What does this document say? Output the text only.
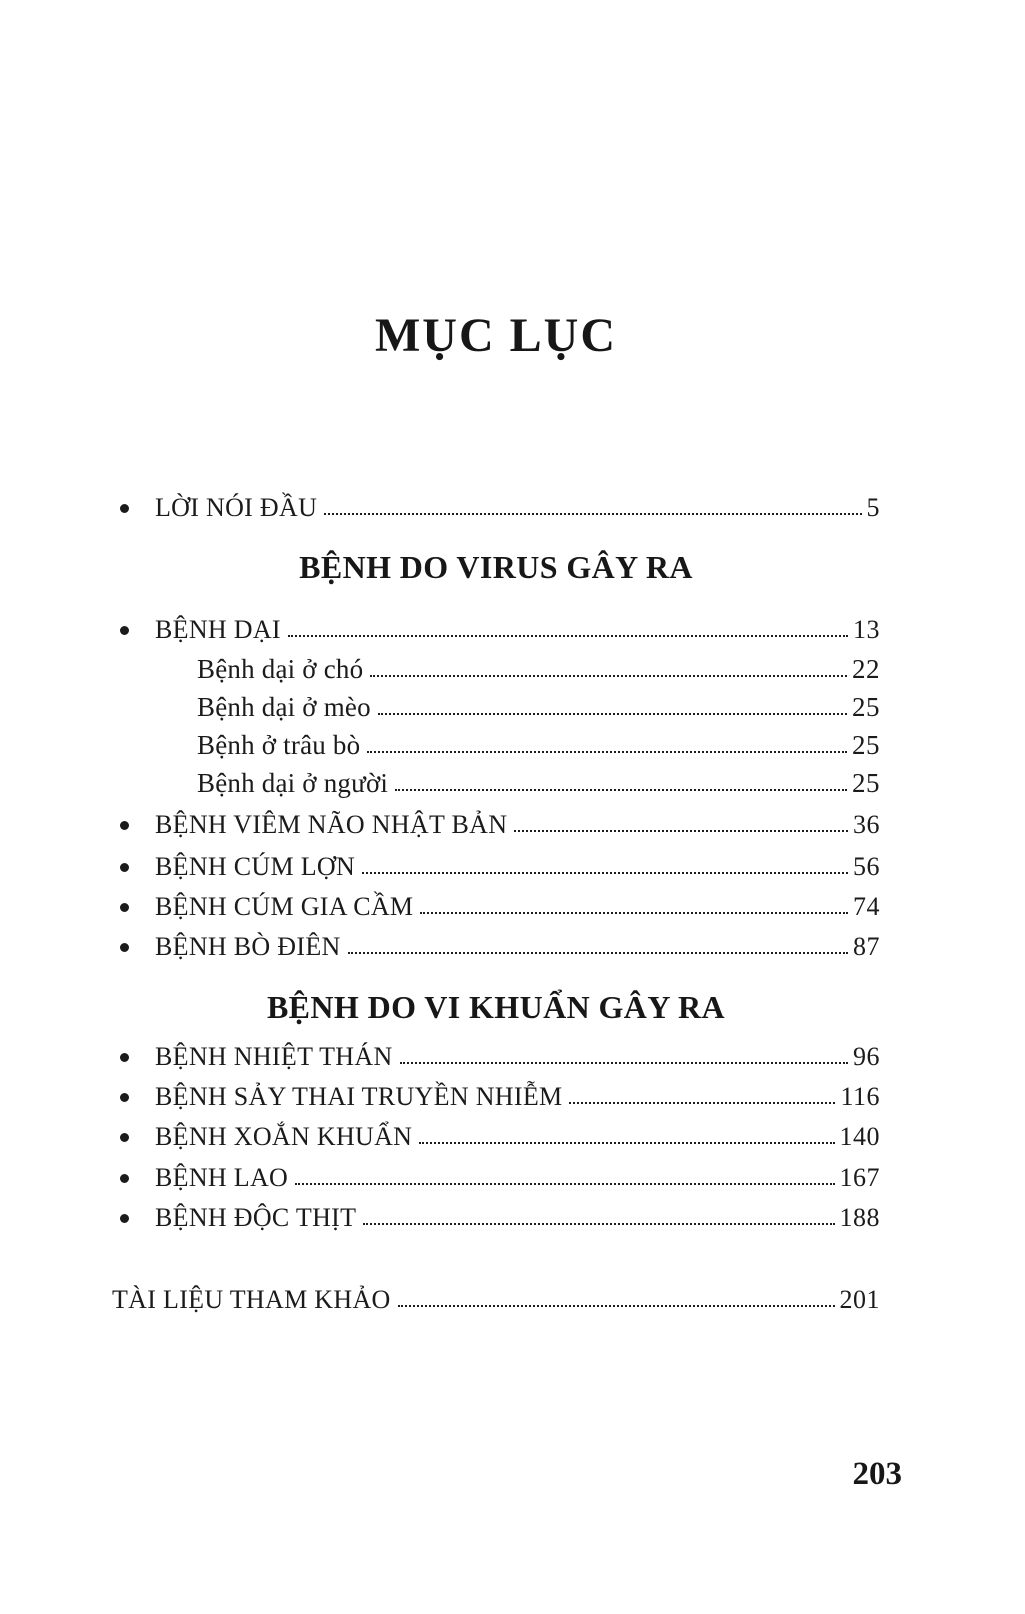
MỤC LỤC
LỜI NÓI ĐẦU	5
BỆNH DO VIRUS GÂY RA
BỆNH DẠI	13
Bệnh dại ở chó	22
Bệnh dại ở mèo	25
Bệnh ở trâu bò	25
Bệnh dại ở người	25
BỆNH VIÊM NÃO NHẬT BẢN	36
BỆNH CÚM LỢN	56
BỆNH CÚM GIA CẦM	74
BỆNH BÒ ĐIÊN	87
BỆNH DO VI KHUẨN GÂY RA
BỆNH NHIỆT THÁN	96
BỆNH SẢY THAI TRUYỀN NHIỄM	116
BỆNH XOẮN KHUẨN	140
BỆNH LAO	167
BỆNH ĐỘC THỊT	188
TÀI LIỆU THAM KHẢO	201
203
